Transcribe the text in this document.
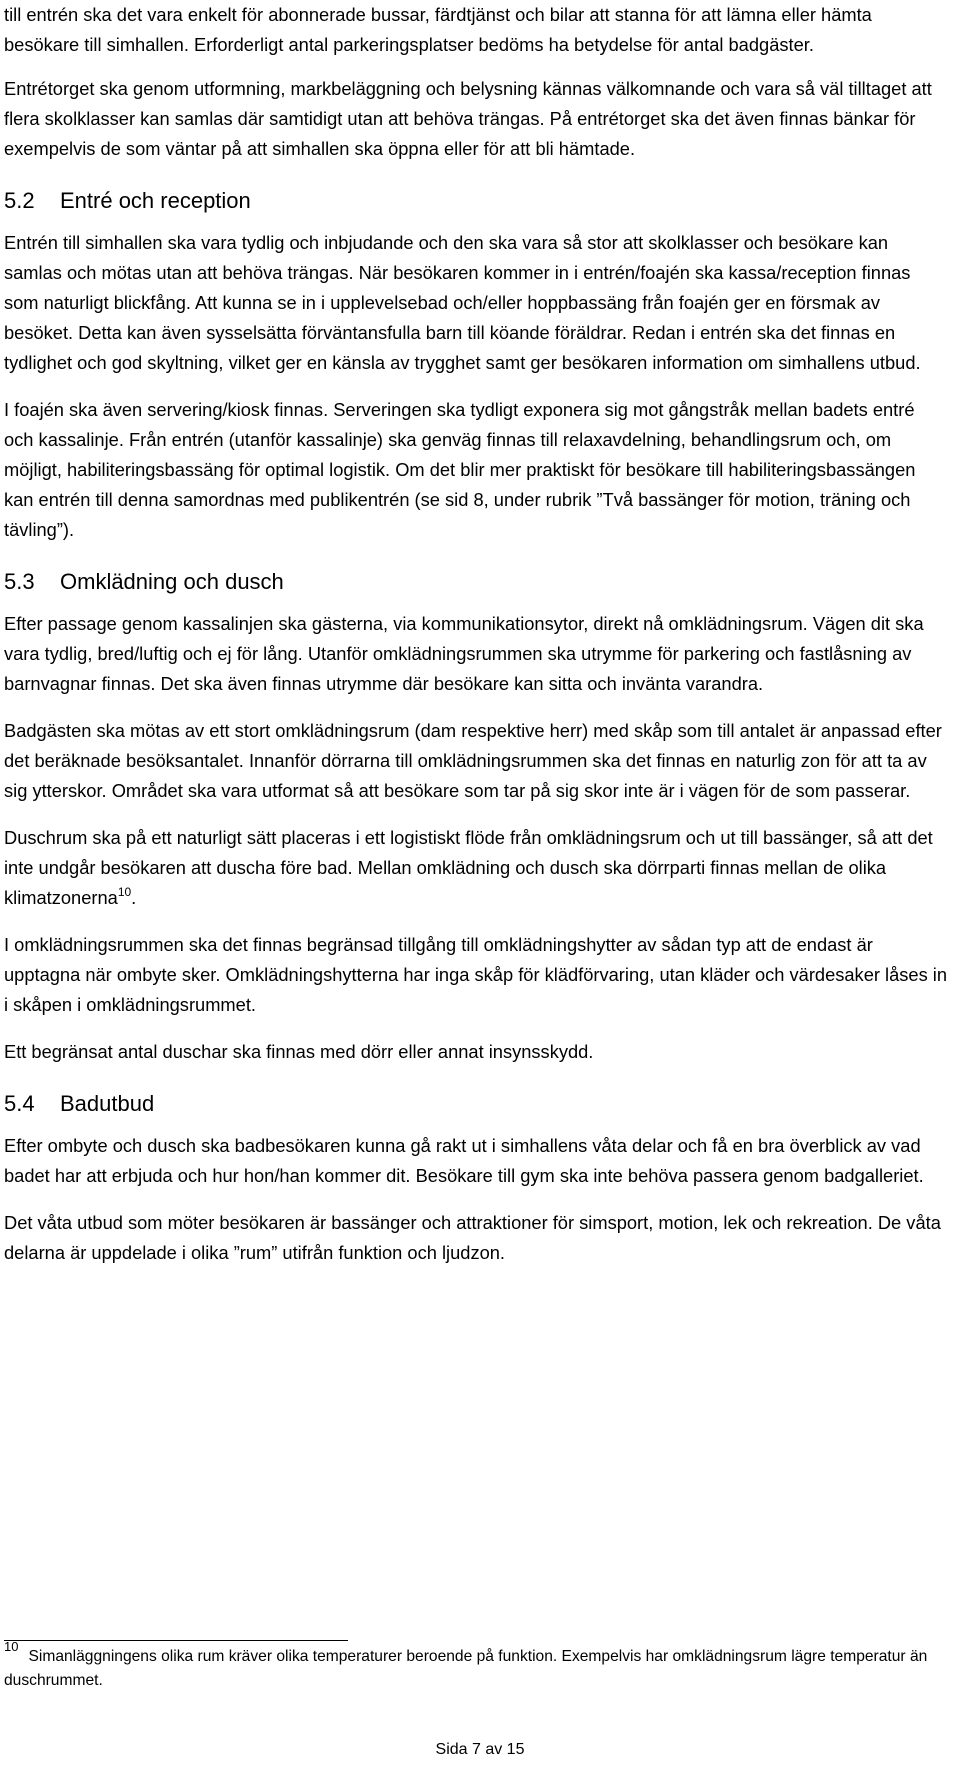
till entrén ska det vara enkelt för abonnerade bussar, färdtjänst och bilar att stanna för att lämna eller hämta besökare till simhallen. Erforderligt antal parkeringsplatser bedöms ha betydelse för antal badgäster.

Entrétorget ska genom utformning, markbeläggning och belysning kännas välkomnande och vara så väl tilltaget att flera skolklasser kan samlas där samtidigt utan att behöva trängas. På entrétorget ska det även finnas bänkar för exempelvis de som väntar på att simhallen ska öppna eller för att bli hämtade.

5.2 Entré och reception

Entrén till simhallen ska vara tydlig och inbjudande och den ska vara så stor att skolklasser och besökare kan samlas och mötas utan att behöva trängas. När besökaren kommer in i entrén/foajén ska kassa/reception finnas som naturligt blickfång. Att kunna se in i upplevelsebad och/eller hoppbassäng från foajén ger en försmak av besöket. Detta kan även sysselsätta förväntansfulla barn till köande föräldrar. Redan i entrén ska det finnas en tydlighet och god skyltning, vilket ger en känsla av trygghet samt ger besökaren information om simhallens utbud.

I foajén ska även servering/kiosk finnas. Serveringen ska tydligt exponera sig mot gångstråk mellan badets entré och kassalinje. Från entrén (utanför kassalinje) ska genväg finnas till relaxavdelning, behandlingsrum och, om möjligt, habiliteringsbassäng för optimal logistik. Om det blir mer praktiskt för besökare till habiliteringsbassängen kan entrén till denna samordnas med publikentrén (se sid 8, under rubrik ”Två bassänger för motion, träning och tävling”).

5.3 Omklädning och dusch

Efter passage genom kassalinjen ska gästerna, via kommunikationsytor, direkt nå omklädningsrum. Vägen dit ska vara tydlig, bred/luftig och ej för lång. Utanför omklädningsrummen ska utrymme för parkering och fastlåsning av barnvagnar finnas. Det ska även finnas utrymme där besökare kan sitta och invänta varandra.

Badgästen ska mötas av ett stort omklädningsrum (dam respektive herr) med skåp som till antalet är anpassad efter det beräknade besöksantalet. Innanför dörrarna till omklädningsrummen ska det finnas en naturlig zon för att ta av sig ytterskor. Området ska vara utformat så att besökare som tar på sig skor inte är i vägen för de som passerar.

Duschrum ska på ett naturligt sätt placeras i ett logistiskt flöde från omklädningsrum och ut till bassänger, så att det inte undgår besökaren att duscha före bad. Mellan omklädning och dusch ska dörrparti finnas mellan de olika klimatzonerna$^{10}$.

I omklädningsrummen ska det finnas begränsad tillgång till omklädningshytter av sådan typ att de endast är upptagna när ombyte sker. Omklädningshytterna har inga skåp för klädförvaring, utan kläder och värdesaker låses in i skåpen i omklädningsrummet.

Ett begränsat antal duschar ska finnas med dörr eller annat insynsskydd.

5.4 Badutbud

Efter ombyte och dusch ska badbesökaren kunna gå rakt ut i simhallens våta delar och få en bra överblick av vad badet har att erbjuda och hur hon/han kommer dit. Besökare till gym ska inte behöva passera genom badgalleriet.

Det våta utbud som möter besökaren är bassänger och attraktioner för simsport, motion, lek och rekreation. De våta delarna är uppdelade i olika ”rum” utifrån funktion och ljudzon.

$^{10}$Simanläggningens olika rum kräver olika temperaturer beroende på funktion. Exempelvis har omklädningsrum lägre temperatur än duschrummet.
Sida 7 av 15
